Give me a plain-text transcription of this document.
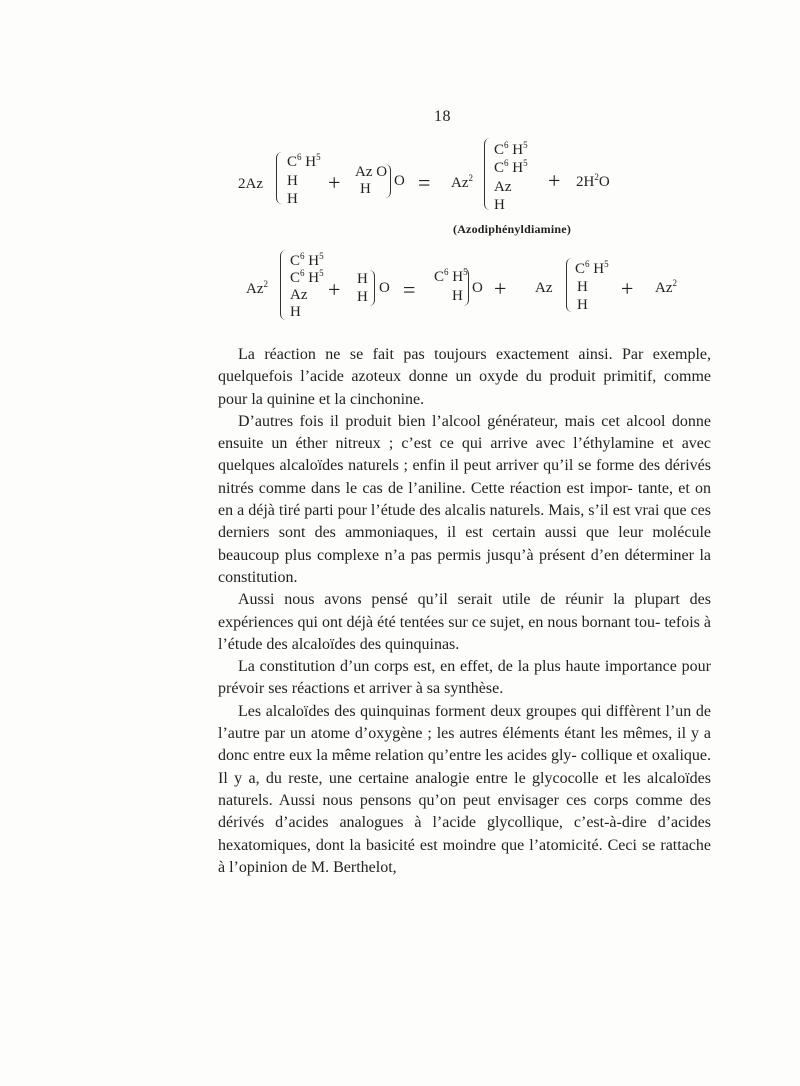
18
2Az
$C^6$ $H^5$
H
H
+ Az O
H $O = Az^2$
$C^6$ $H^5$
$C^6$ $H^5$
Az
H
+ $2H^2O$
(Azodiphényldiamine)
Az$^2$
$C^6$ $H^5$
$C^6$ $H^5$
Az
H
+ H
H
$O = C^6$ $H^5$
H O + Az
$C^6$ $H^5$
H
H
+ $Az^2$

La réaction ne se fait pas toujours exactement ainsi. Par exemple, quelquefois l’acide azoteux donne un oxyde du produit primitif, comme pour la quinine et la cinchonine.

D’autres fois il produit bien l’alcool générateur, mais cet alcool donne ensuite un éther nitreux ; c’est ce qui arrive avec l’éthylamine et avec quelques alcaloïdes naturels ; enfin il peut arriver qu’il se forme des dérivés nitrés comme dans le cas de l’aniline. Cette réaction est impor- tante, et on en a déjà tiré parti pour l’étude des alcalis naturels. Mais, s’il est vrai que ces derniers sont des ammoniaques, il est certain aussi que leur molécule beaucoup plus complexe n’a pas permis jusqu’à présent d’en déterminer la constitution.

Aussi nous avons pensé qu’il serait utile de réunir la plupart des expériences qui ont déjà été tentées sur ce sujet, en nous bornant tou- tefois à l’étude des alcaloïdes des quinquinas.

La constitution d’un corps est, en effet, de la plus haute importance pour prévoir ses réactions et arriver à sa synthèse.

Les alcaloïdes des quinquinas forment deux groupes qui diffèrent l’un de l’autre par un atome d’oxygène ; les autres éléments étant les mêmes, il y a donc entre eux la même relation qu’entre les acides gly- collique et oxalique. Il y a, du reste, une certaine analogie entre le glycocolle et les alcaloïdes naturels. Aussi nous pensons qu’on peut envisager ces corps comme des dérivés d’acides analogues à l’acide glycollique, c’est-à-dire d’acides hexatomiques, dont la basicité est moindre que l’atomicité. Ceci se rattache à l’opinion de M. Berthelot,
